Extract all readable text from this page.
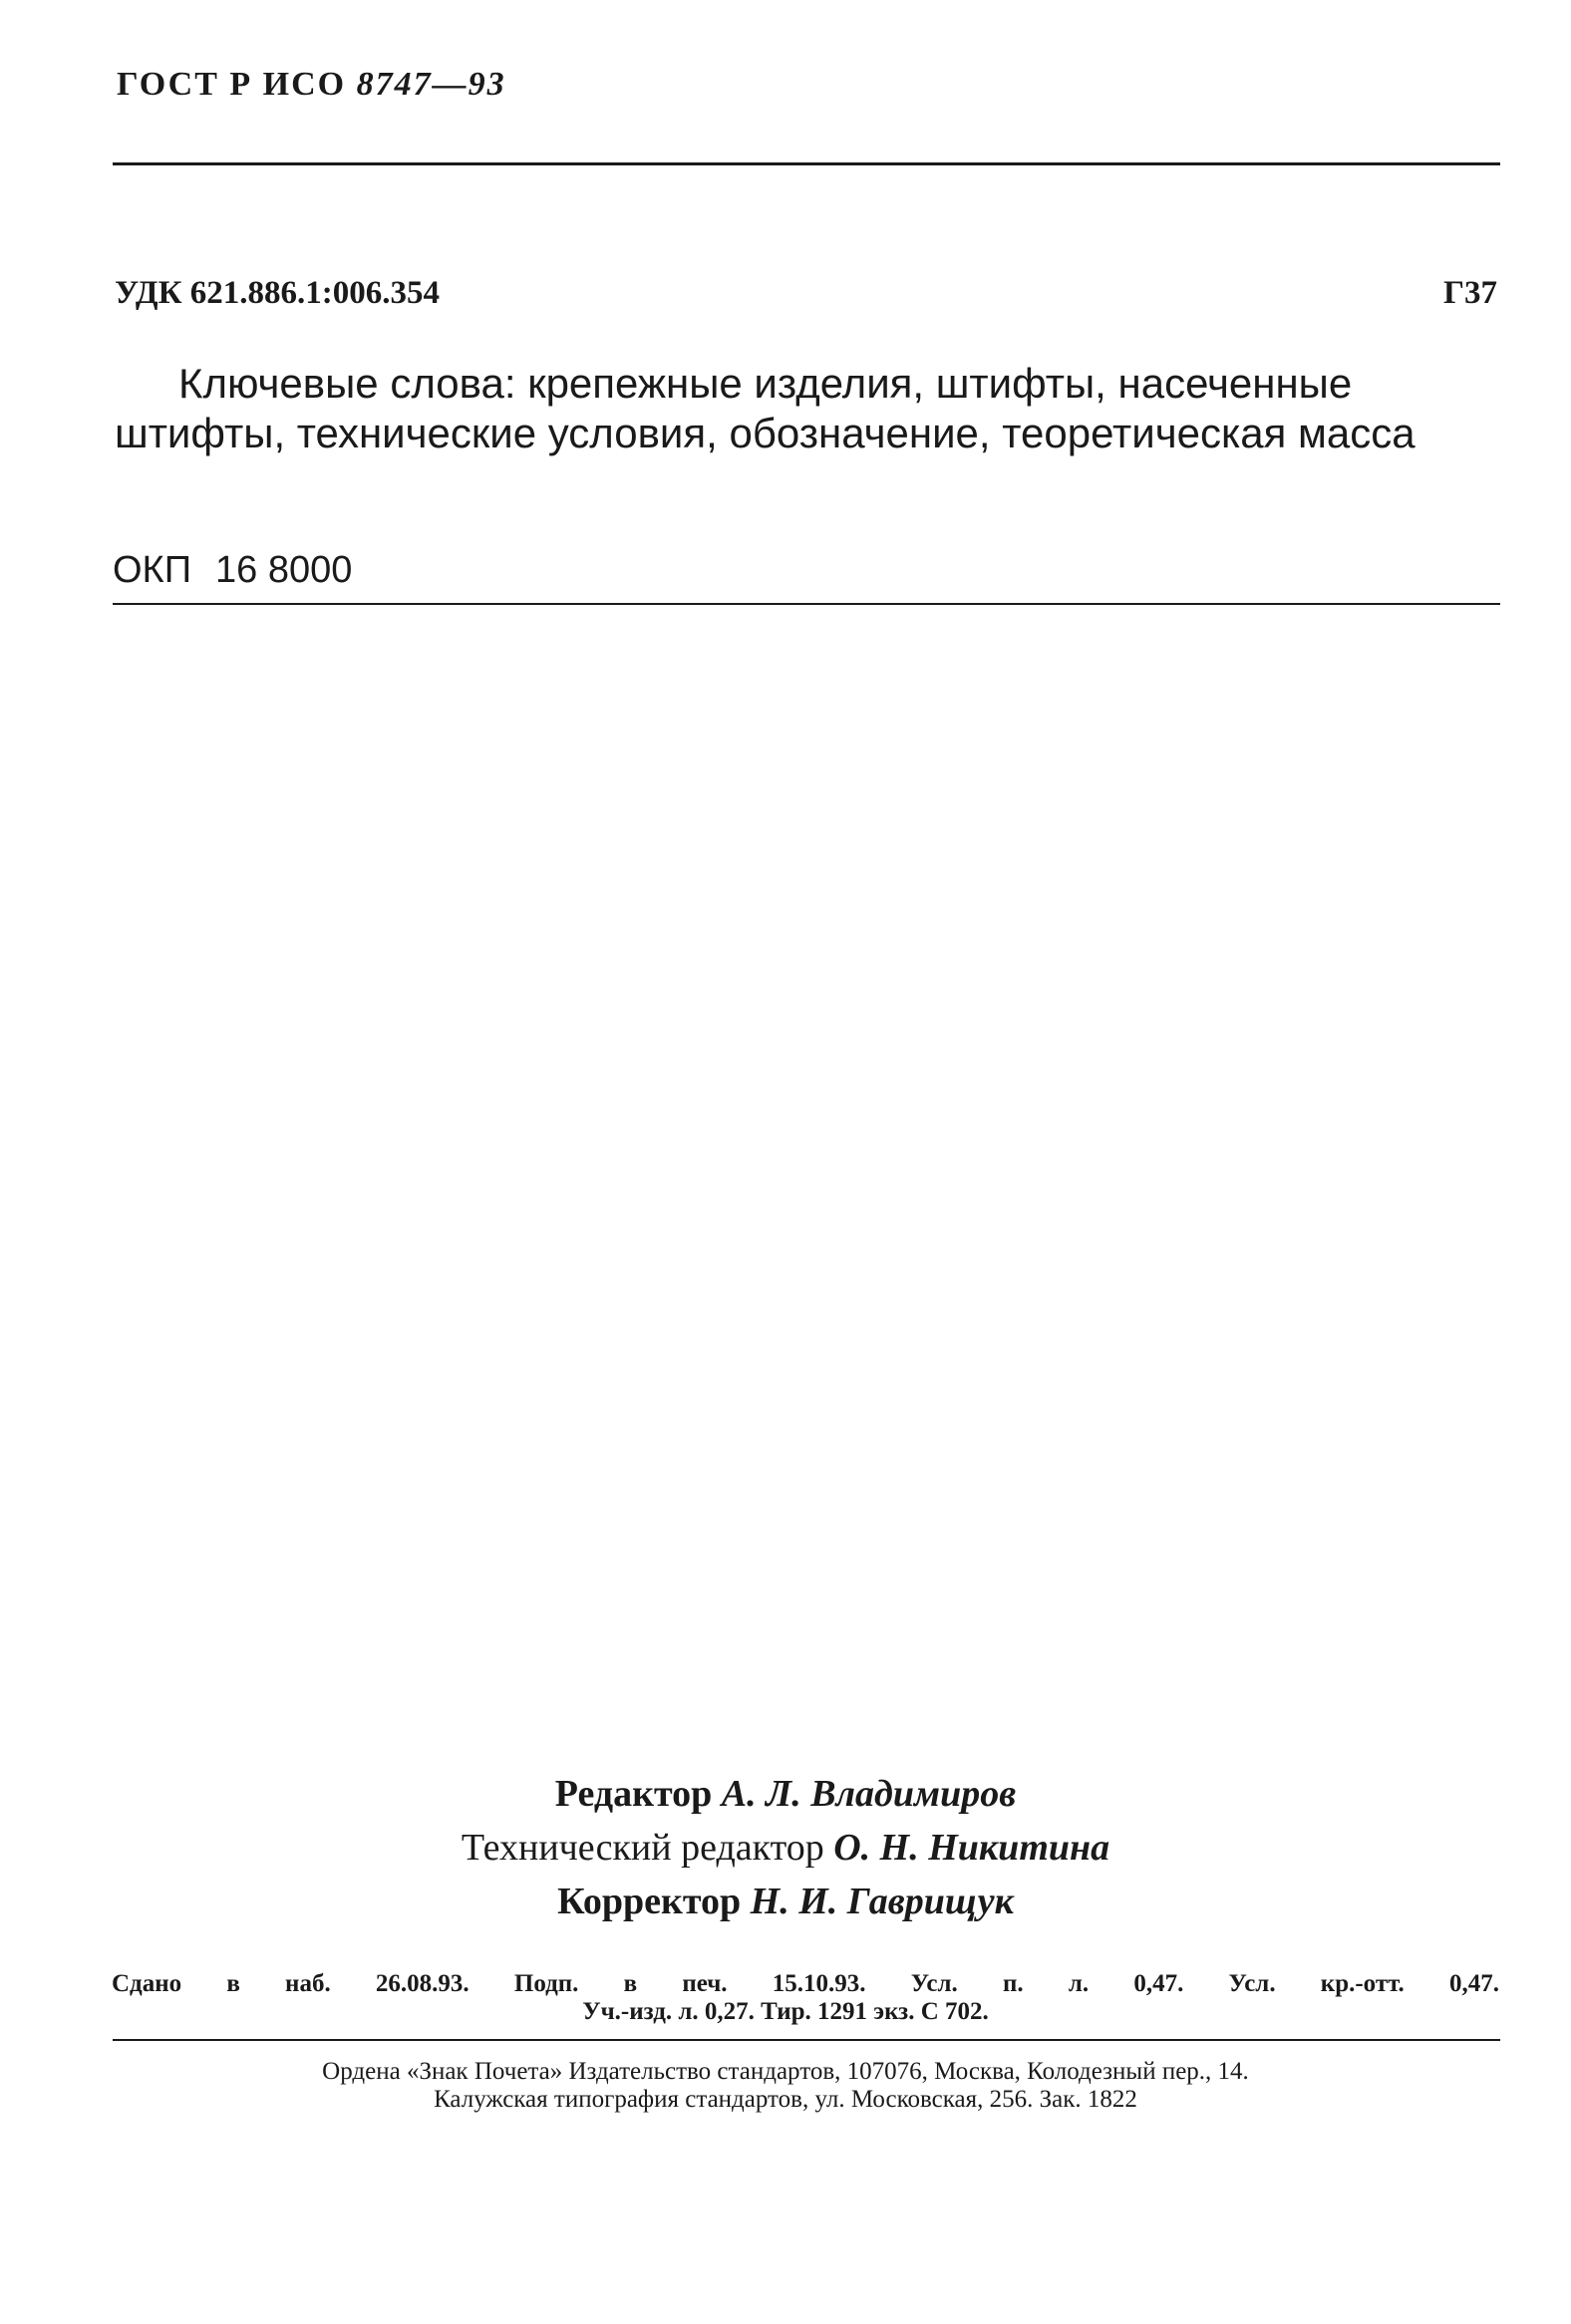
ГОСТ Р ИСО 8747—93
УДК 621.886.1:006.354	Г37
Ключевые слова: крепежные изделия, штифты, насеченные
штифты, технические условия, обозначение, теоретическая масса
ОКП 16 8000
Редактор А. Л. Владимиров
Технический редактор О. Н. Никитина
Корректор Н. И. Гаврищук
Сдано в наб. 26.08.93. Подп. в печ. 15.10.93. Усл. п. л. 0,47. Усл. кр.-отт. 0,47.
Уч.-изд. л. 0,27. Тир. 1291 экз. С 702.
Ордена «Знак Почета» Издательство стандартов, 107076, Москва, Колодезный пер., 14.
Калужская типография стандартов, ул. Московская, 256. Зак. 1822
